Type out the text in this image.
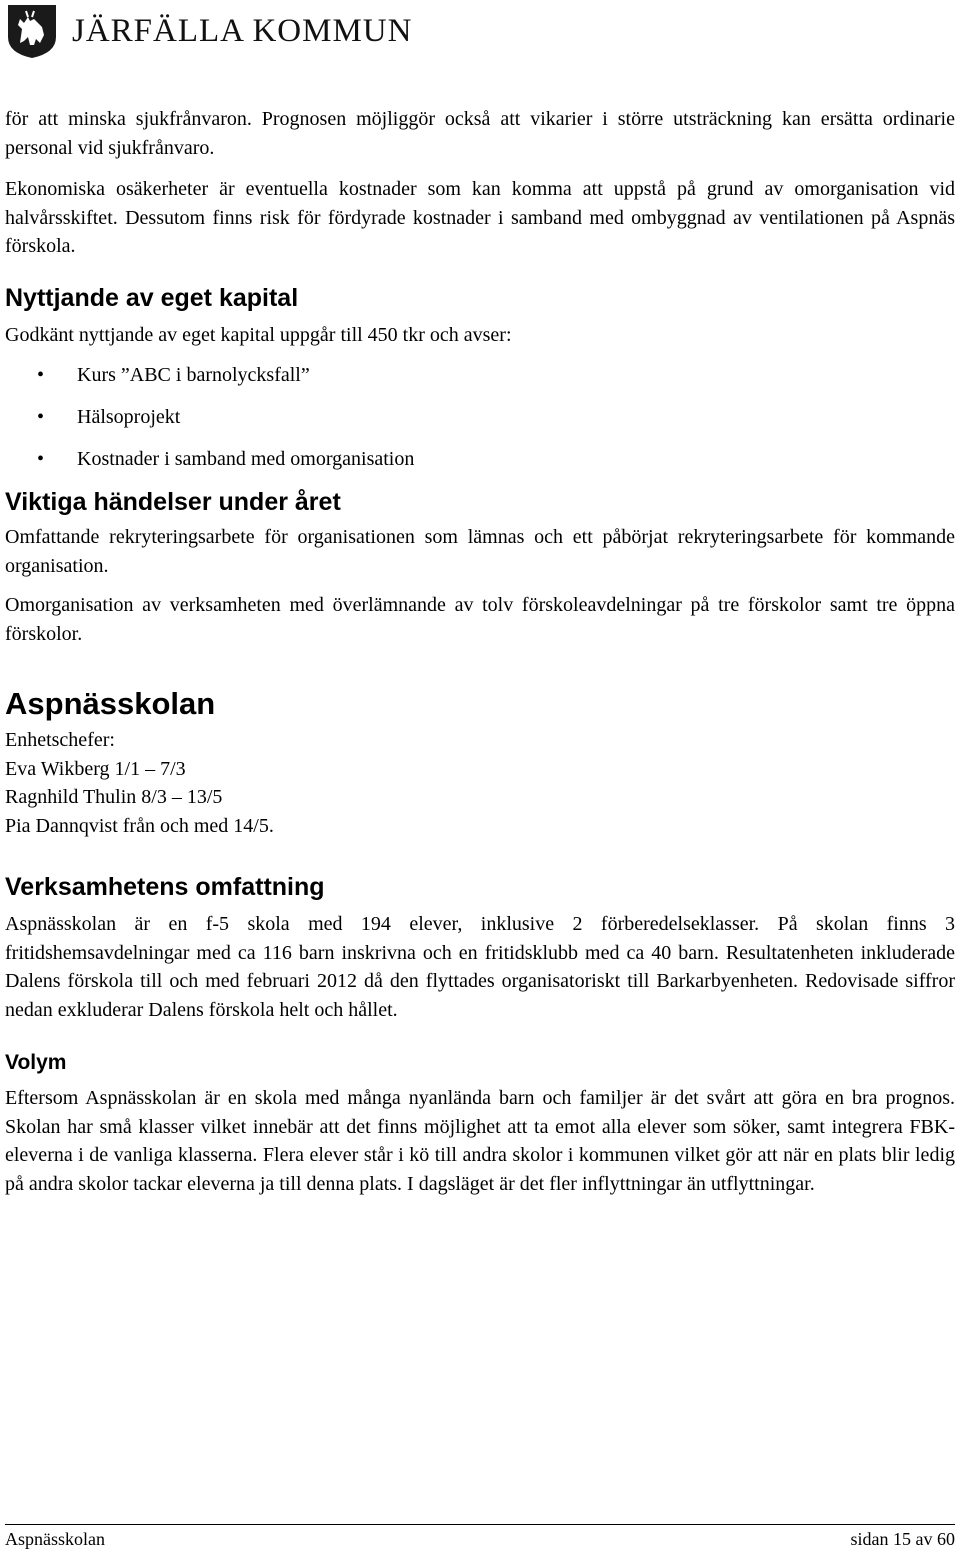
JÄRFÄLLA KOMMUN

för att minska sjukfrånvaron. Prognosen möjliggör också att vikarier i större utsträckning kan ersätta ordinarie personal vid sjukfrånvaro.

Ekonomiska osäkerheter är eventuella kostnader som kan komma att uppstå på grund av omorganisation vid halvårsskiftet. Dessutom finns risk för fördyrade kostnader i samband med ombyggnad av ventilationen på Aspnäs förskola.

Nyttjande av eget kapital

Godkänt nyttjande av eget kapital uppgår till 450 tkr och avser:

• Kurs ”ABC i barnolycksfall”
• Hälsoprojekt
• Kostnader i samband med omorganisation
Viktiga händelser under året

Omfattande rekryteringsarbete för organisationen som lämnas och ett påbörjat rekryteringsarbete för kommande organisation.

Omorganisation av verksamheten med överlämnande av tolv förskoleavdelningar på tre förskolor samt tre öppna förskolor.

Aspnässkolan

Enhetschefer:

Eva Wikberg 1/1 – 7/3

Ragnhild Thulin 8/3 – 13/5

Pia Dannqvist från och med 14/5.

Verksamhetens omfattning

Aspnässkolan är en f-5 skola med 194 elever, inklusive 2 förberedelseklasser. På skolan finns 3 fritidshemsavdelningar med ca 116 barn inskrivna och en fritidsklubb med ca 40 barn. Resultatenheten inkluderade Dalens förskola till och med februari 2012 då den flyttades organisatoriskt till Barkarbyenheten. Redovisade siffror nedan exkluderar Dalens förskola helt och hållet.

Volym

Eftersom Aspnässkolan är en skola med många nyanlända barn och familjer är det svårt att göra en bra prognos. Skolan har små klasser vilket innebär att det finns möjlighet att ta emot alla elever som söker, samt integrera FBK-eleverna i de vanliga klasserna. Flera elever står i kö till andra skolor i kommunen vilket gör att när en plats blir ledig på andra skolor tackar eleverna ja till denna plats. I dagsläget är det fler inflyttningar än utflyttningar.

Aspnässkolan	sidan 15 av 60
